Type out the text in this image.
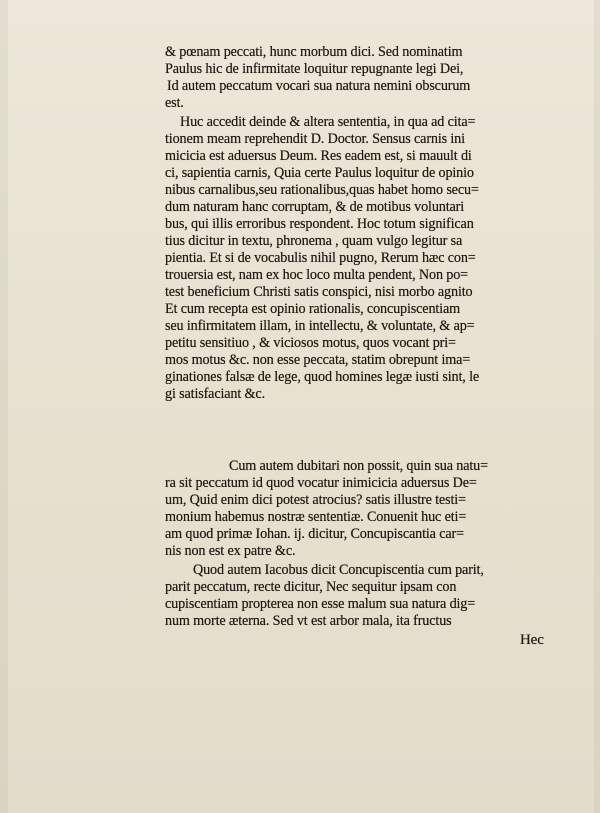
& pœnam peccati, hunc morbum dici. Sed nominatim
Paulus hic de infirmitate loquitur repugnante legi Dei,
Id autem peccatum vocari sua natura nemini obscurum
est.
Huc accedit deinde & altera sententia, in qua ad cita=
tionem meam reprehendit D. Doctor. Sensus carnis ini
micicia est aduersus Deum. Res eadem est, si mauult di
ci, sapientia carnis, Quia certe Paulus loquitur de opinio
nibus carnalibus,seu rationalibus,quas habet homo secu=
dum naturam hanc corruptam, & de motibus voluntari
bus, qui illis erroribus respondent. Hoc totum significan
tius dicitur in textu, phronema , quam vulgo legitur sa
pientia. Et si de vocabulis nihil pugno, Rerum hæc con=
trouersia est, nam ex hoc loco multa pendent, Non po=
test beneficium Christi satis conspici, nisi morbo agnito
Et cum recepta est opinio rationalis, concupiscentiam
seu infirmitatem illam, in intellectu, & voluntate, & ap=
petitu sensitiuo , & viciosos motus, quos vocant pri=
mos motus &c. non esse peccata, statim obrepunt ima=
ginationes falsæ de lege, quod homines legæ iusti sint, le
gi satisfaciant &c.
Cum autem dubitari non possit, quin sua natu=
ra sit peccatum id quod vocatur inimicicia aduersus De=
um, Quid enim dici potest atrocius? satis illustre testi=
monium habemus nostræ sententiæ. Conuenit huc eti=
am quod primæ Iohan. ij. dicitur, Concupiscantia car=
nis non est ex patre &c.
Quod autem Iacobus dicit Concupiscentia cum parit,
parit peccatum, recte dicitur, Nec sequitur ipsam con
cupiscentiam propterea non esse malum sua natura dig=
num morte æterna. Sed vt est arbor mala, ita fructus
Hec
